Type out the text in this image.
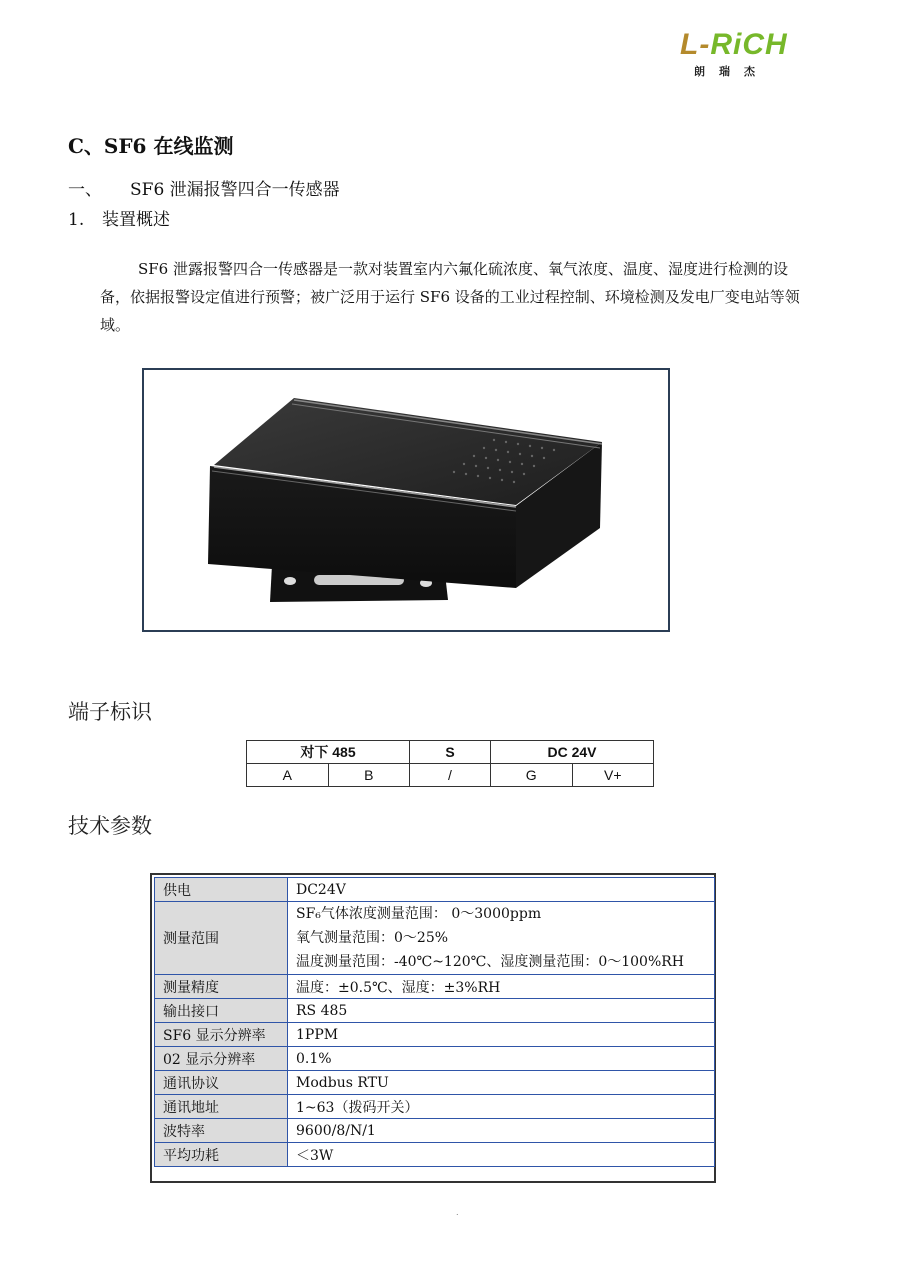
L-RiCH
朗瑞杰
C、SF6 在线监测
一、 SF6 泄漏报警四合一传感器
1. 装置概述
SF6 泄露报警四合一传感器是一款对装置室内六氟化硫浓度、氧气浓度、温度、湿度进行检测的设备，依据报警设定值进行预警；被广泛用于运行 SF6 设备的工业过程控制、环境检测及发电厂变电站等领域。
端子标识
对下 485		S	DC 24V	
A	B	/	G	V+
技术参数
供电	DC24V
测量范围	SF₆气体浓度测量范围： 0～3000ppm
氧气测量范围：0～25%
温度测量范围：-40℃~120℃、湿度测量范围：0～100%RH

测量精度	温度：±0.5℃、湿度：±3%RH
输出接口	RS 485
SF6 显示分辨率	1PPM
02 显示分辨率	0.1%
通讯协议	Modbus RTU
通讯地址	1~63（拨码开关）
波特率	9600/8/N/1
平均功耗	＜3W
.
